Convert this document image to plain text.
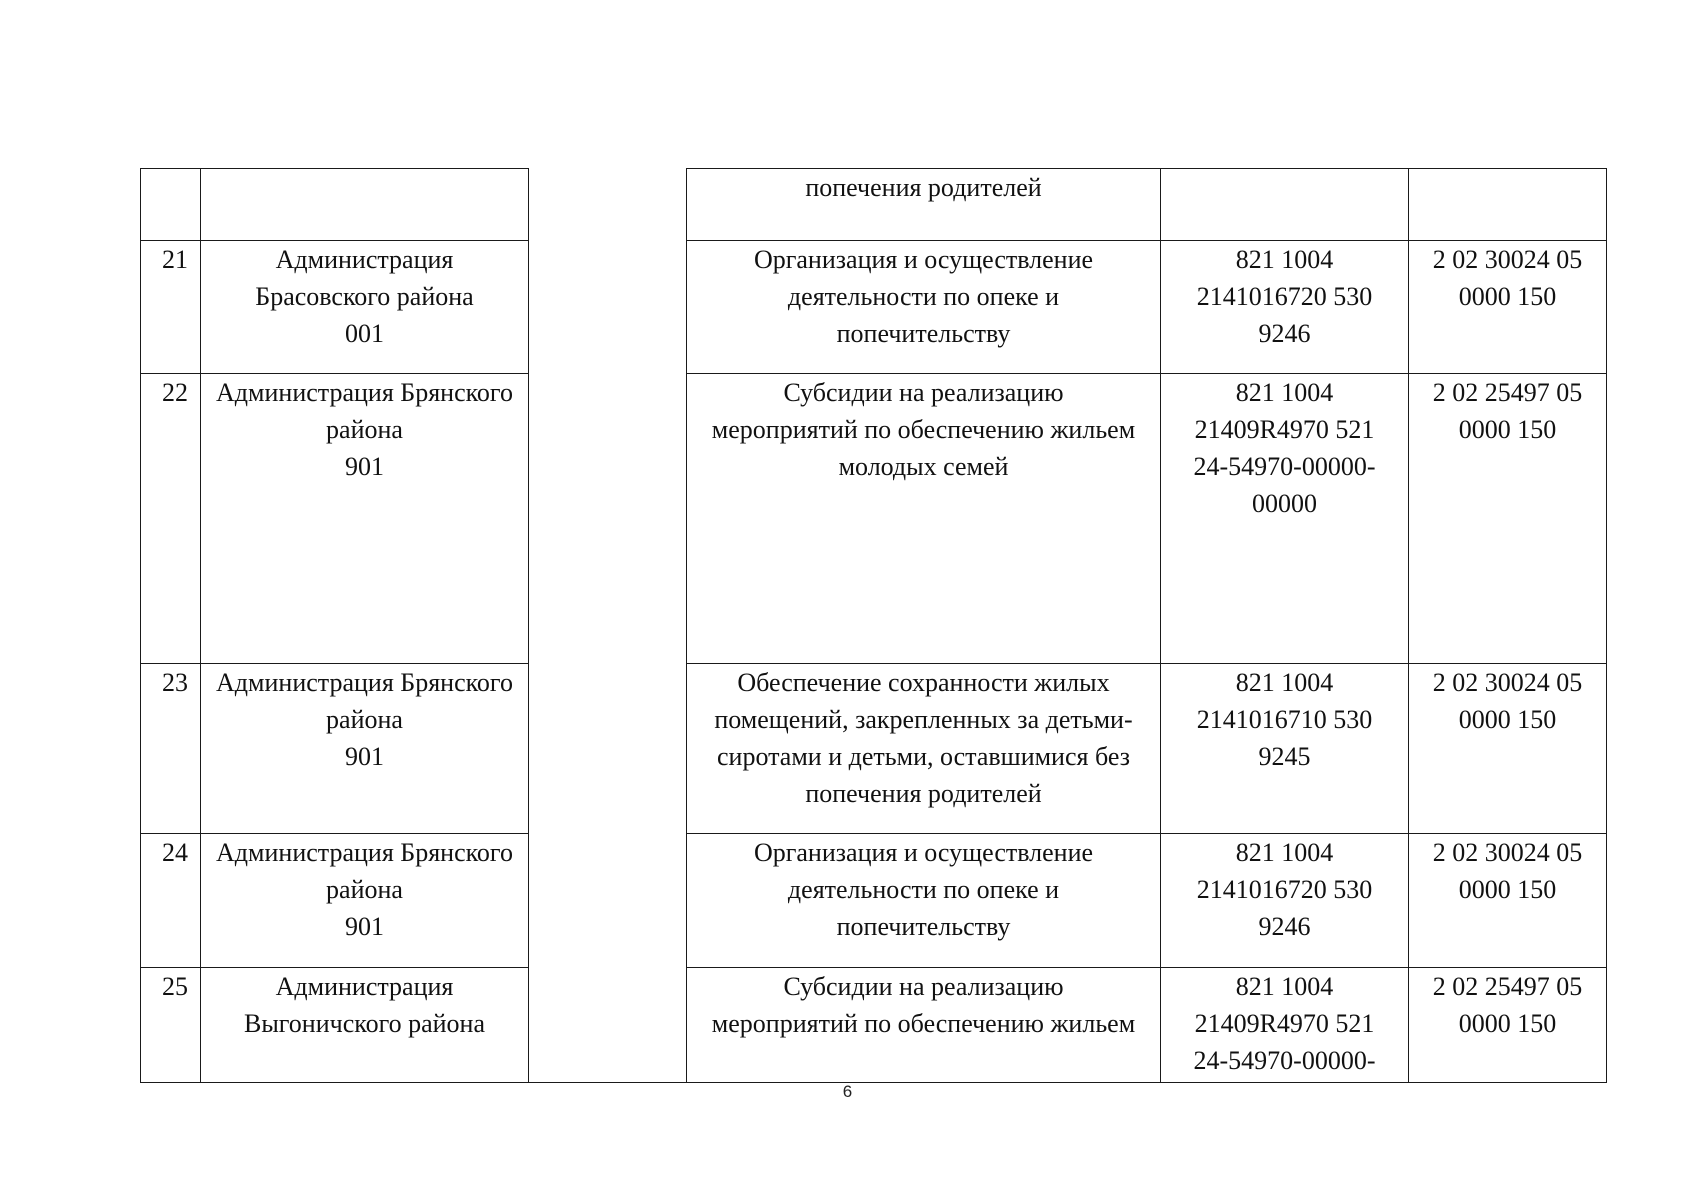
			попечения родителей		

21	Администрация
Брасовского района
001		Организация и осуществление
деятельности по опеке и
попечительству	821 1004
2141016720 530
9246	2 02 30024 05
0000 150

22	Администрация Брянского
района
901		Субсидии на реализацию
мероприятий по обеспечению жильем
молодых семей	821 1004
21409R4970 521
24-54970-00000-
00000	2 02 25497 05
0000 150

23	Администрация Брянского
района
901		Обеспечение сохранности жилых
помещений, закрепленных за детьми-
сиротами и детьми, оставшимися без
попечения родителей	821 1004
2141016710 530
9245	2 02 30024 05
0000 150

24	Администрация Брянского
района
901		Организация и осуществление
деятельности по опеке и
попечительству	821 1004
2141016720 530
9246	2 02 30024 05
0000 150

25	Администрация
Выгоничского района		Субсидии на реализацию
мероприятий по обеспечению жильем	821 1004
21409R4970 521
24-54970-00000-	2 02 25497 05
0000 150
6
